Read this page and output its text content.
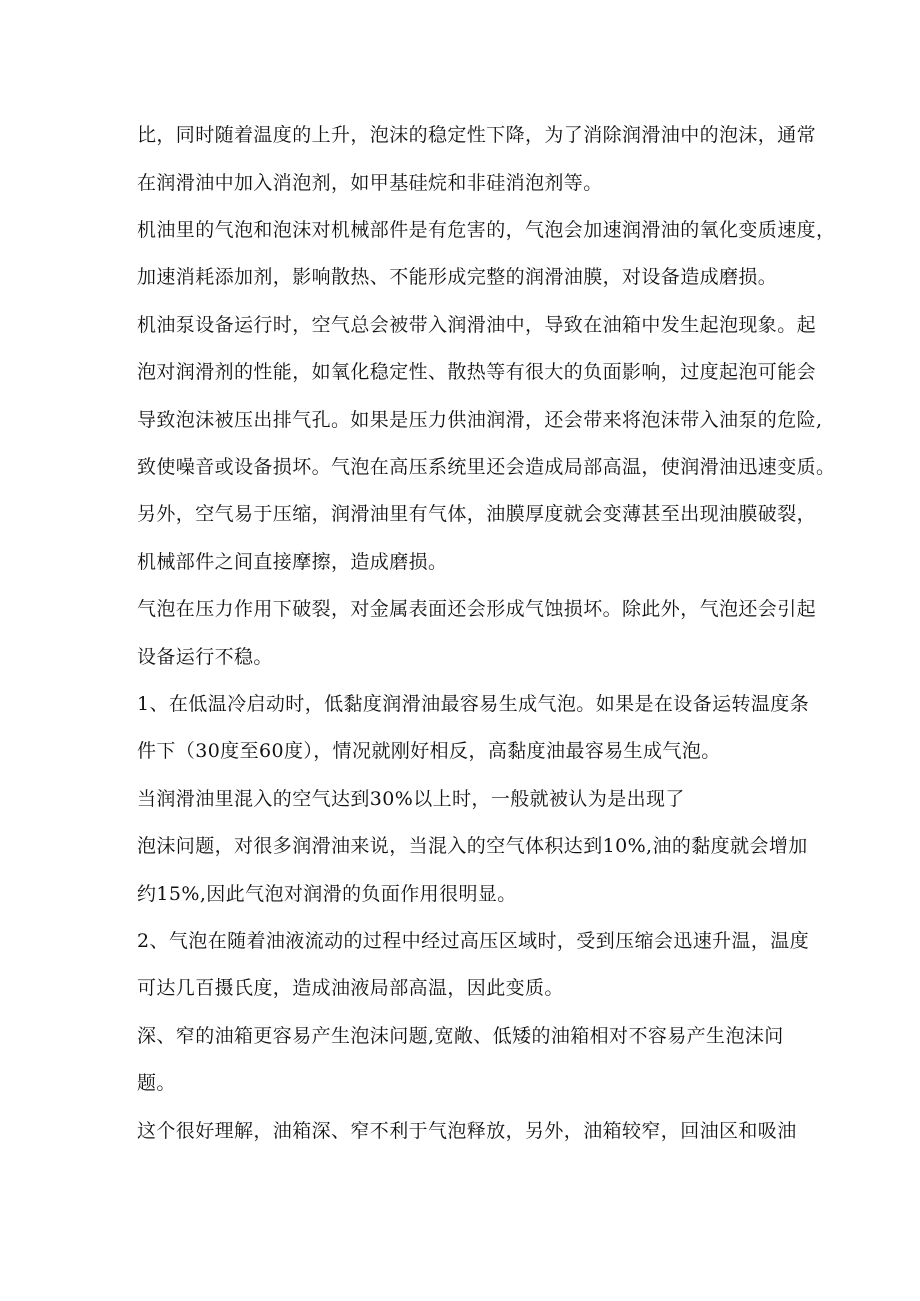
比，同时随着温度的上升，泡沫的稳定性下降，为了消除润滑油中的泡沫，通常
在润滑油中加入消泡剂，如甲基硅烷和非硅消泡剂等。
机油里的气泡和泡沫对机械部件是有危害的，气泡会加速润滑油的氧化变质速度，
加速消耗添加剂，影响散热、不能形成完整的润滑油膜，对设备造成磨损。
机油泵设备运行时，空气总会被带入润滑油中，导致在油箱中发生起泡现象。起
泡对润滑剂的性能，如氧化稳定性、散热等有很大的负面影响，过度起泡可能会
导致泡沫被压出排气孔。如果是压力供油润滑，还会带来将泡沫带入油泵的危险,
致使噪音或设备损坏。气泡在高压系统里还会造成局部高温，使润滑油迅速变质。
另外，空气易于压缩，润滑油里有气体，油膜厚度就会变薄甚至出现油膜破裂，
机械部件之间直接摩擦，造成磨损。
气泡在压力作用下破裂，对金属表面还会形成气蚀损坏。除此外，气泡还会引起
设备运行不稳。
1、在低温冷启动时，低黏度润滑油最容易生成气泡。如果是在设备运转温度条
件下（30度至60度），情况就刚好相反，高黏度油最容易生成气泡。
当润滑油里混入的空气达到30%以上时，一般就被认为是出现了
泡沫问题，对很多润滑油来说，当混入的空气体积达到10%,油的黏度就会增加
约15%,因此气泡对润滑的负面作用很明显。
2、气泡在随着油液流动的过程中经过高压区域时，受到压缩会迅速升温，温度
可达几百摄氏度，造成油液局部高温，因此变质。
深、窄的油箱更容易产生泡沫问题,宽敞、低矮的油箱相对不容易产生泡沫问
题。
这个很好理解，油箱深、窄不利于气泡释放，另外，油箱较窄，回油区和吸油
